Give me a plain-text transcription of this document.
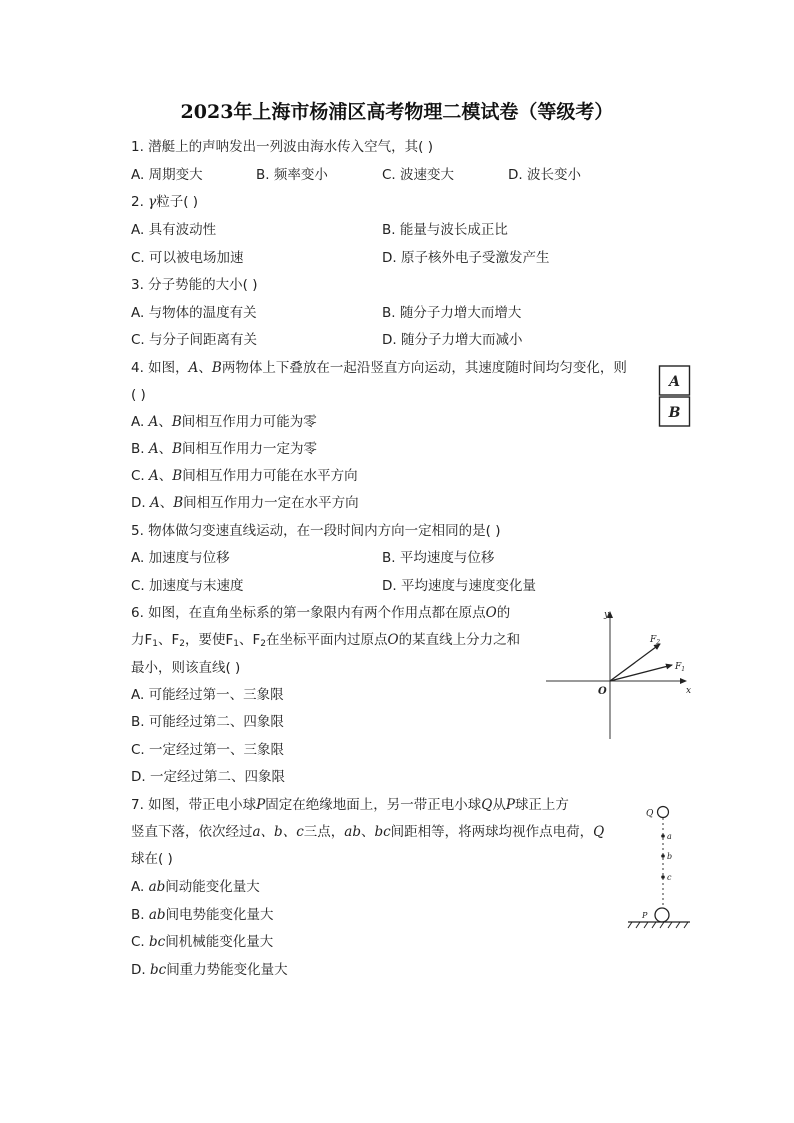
2023年上海市杨浦区高考物理二模试卷（等级考）
1. 潜艇上的声呐发出一列波由海水传入空气，其( )
A. 周期变大	B. 频率变小	C. 波速变大	D. 波长变小
2. γ粒子( )
A. 具有波动性	B. 能量与波长成正比
C. 可以被电场加速	D. 原子核外电子受激发产生
3. 分子势能的大小( )
A. 与物体的温度有关	B. 随分子力增大而增大
C. 与分子间距离有关	D. 随分子力增大而减小
4. 如图，A、B两物体上下叠放在一起沿竖直方向运动，其速度随时间均匀变化，则
( )
A. A、B间相互作用力可能为零
B. A、B间相互作用力一定为零
C. A、B间相互作用力可能在水平方向
D. A、B间相互作用力一定在水平方向
A
B
5. 物体做匀变速直线运动，在一段时间内方向一定相同的是( )
A. 加速度与位移	B. 平均速度与位移
C. 加速度与末速度	D. 平均速度与速度变化量
6. 如图，在直角坐标系的第一象限内有两个作用点都在原点O的
力$F_1$、$F_2$，要使$F_1$、$F_2$在坐标平面内过原点O的某直线上分力之和
最小，则该直线( )
A. 可能经过第一、三象限
B. 可能经过第二、四象限
C. 一定经过第一、三象限
D. 一定经过第二、四象限
y
x
O
$F_2$
$F_1$
7. 如图，带正电小球P固定在绝缘地面上，另一带正电小球Q从P球正上方
竖直下落，依次经过a、b、c三点，ab、bc间距相等，将两球均视作点电荷，Q
球在( )
A. ab间动能变化量大
B. ab间电势能变化量大
C. bc间机械能变化量大
D. bc间重力势能变化量大
Q
a
b
c
P
